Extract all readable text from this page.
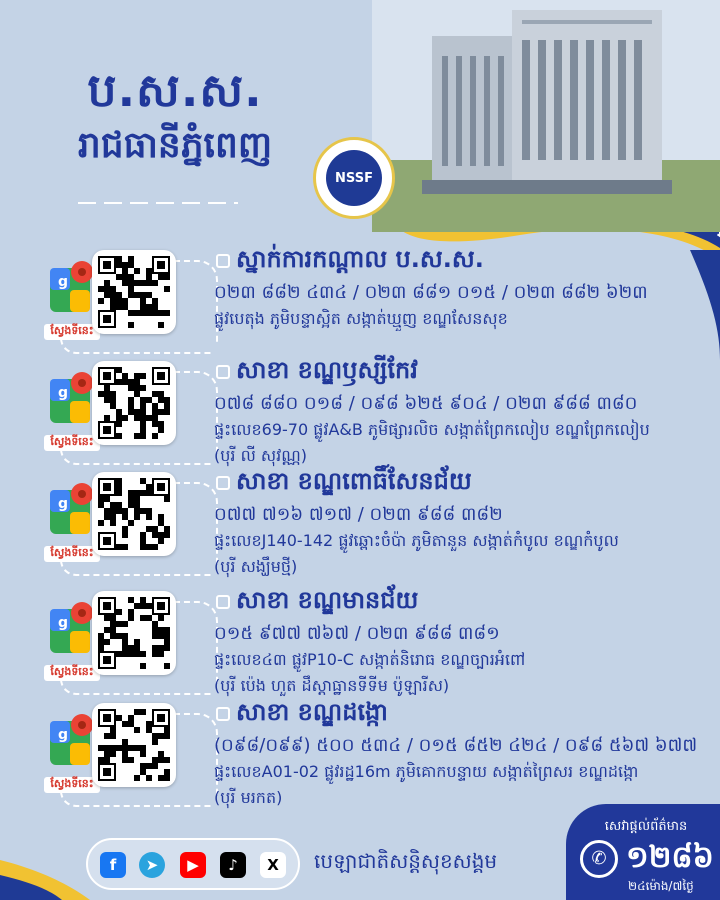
NSSF
ប.ស.ស.
រាជធានីភ្នំពេញ
g
ស្វែងទីនេះ
ស្នាក់ការកណ្តាល ប.ស.ស.
០២៣ ៨៨២ ៤៣៤ / ០២៣ ៨៨១ ០១៥ / ០២៣ ៨៨២ ៦២៣
ផ្លូវបេតុង ភូមិបន្ទាស្អិត សង្កាត់ឃ្មួញ ខណ្ឌសែនសុខ
g
ស្វែងទីនេះ
សាខា ខណ្ឌឫស្សីកែវ
០៧៨ ៨៨០ ០១៨ / ០៩៨ ៦២៥ ៩០៤ / ០២៣ ៩៨៨ ៣៨០
ផ្ទះលេខ69-70 ផ្លូវA&B ភូមិផ្សារលិច សង្កាត់ព្រែកលៀប ខណ្ឌព្រែកលៀប
(បុរី លី សុវណ្ណ)
g
ស្វែងទីនេះ
សាខា ខណ្ឌពោធិ៍សែនជ័យ
០៧៧ ៧១៦ ៧១៧ / ០២៣ ៩៨៨ ៣៨២
ផ្ទះលេខJ140-142 ផ្លូវឆ្ពោះចំប៉ា ភូមិតានួន សង្កាត់កំបូល ខណ្ឌកំបូល
(បុរី សង្ឃឹមថ្មី)
g
ស្វែងទីនេះ
សាខា ខណ្ឌមានជ័យ
០១៥ ៩៧៧ ៧៦៧ / ០២៣ ៩៨៨ ៣៨១
ផ្ទះលេខ៤៣ ផ្លូវP10-C សង្កាត់និរោធ ខណ្ឌច្បារអំពៅ
(បុរី ប៉េង ហួត ដឹស្តាធ្ឋានទីទីម ប៉ូឡារីស)
g
ស្វែងទីនេះ
សាខា ខណ្ឌដង្កោ
(០៩៨/០៩៩) ៥០០ ៥៣៤ / ០១៥ ៨៥២ ៤២៤ / ០៩៨ ៥៦៧ ៦៧៧
ផ្ទះលេខA01-02 ផ្លូវរដ្ឋ16m ភូមិគោកបន្ទាយ សង្កាត់ព្រៃសរ ខណ្ឌដង្កោ
(បុរី មរកត)
f	➤	▶	♪	X	បេឡាជាតិសន្តិសុខសង្គម
សេវាផ្តល់ព័ត៌មាន
✆ ១២៨៦
២៤ម៉ោង/៧ថ្ងៃ
